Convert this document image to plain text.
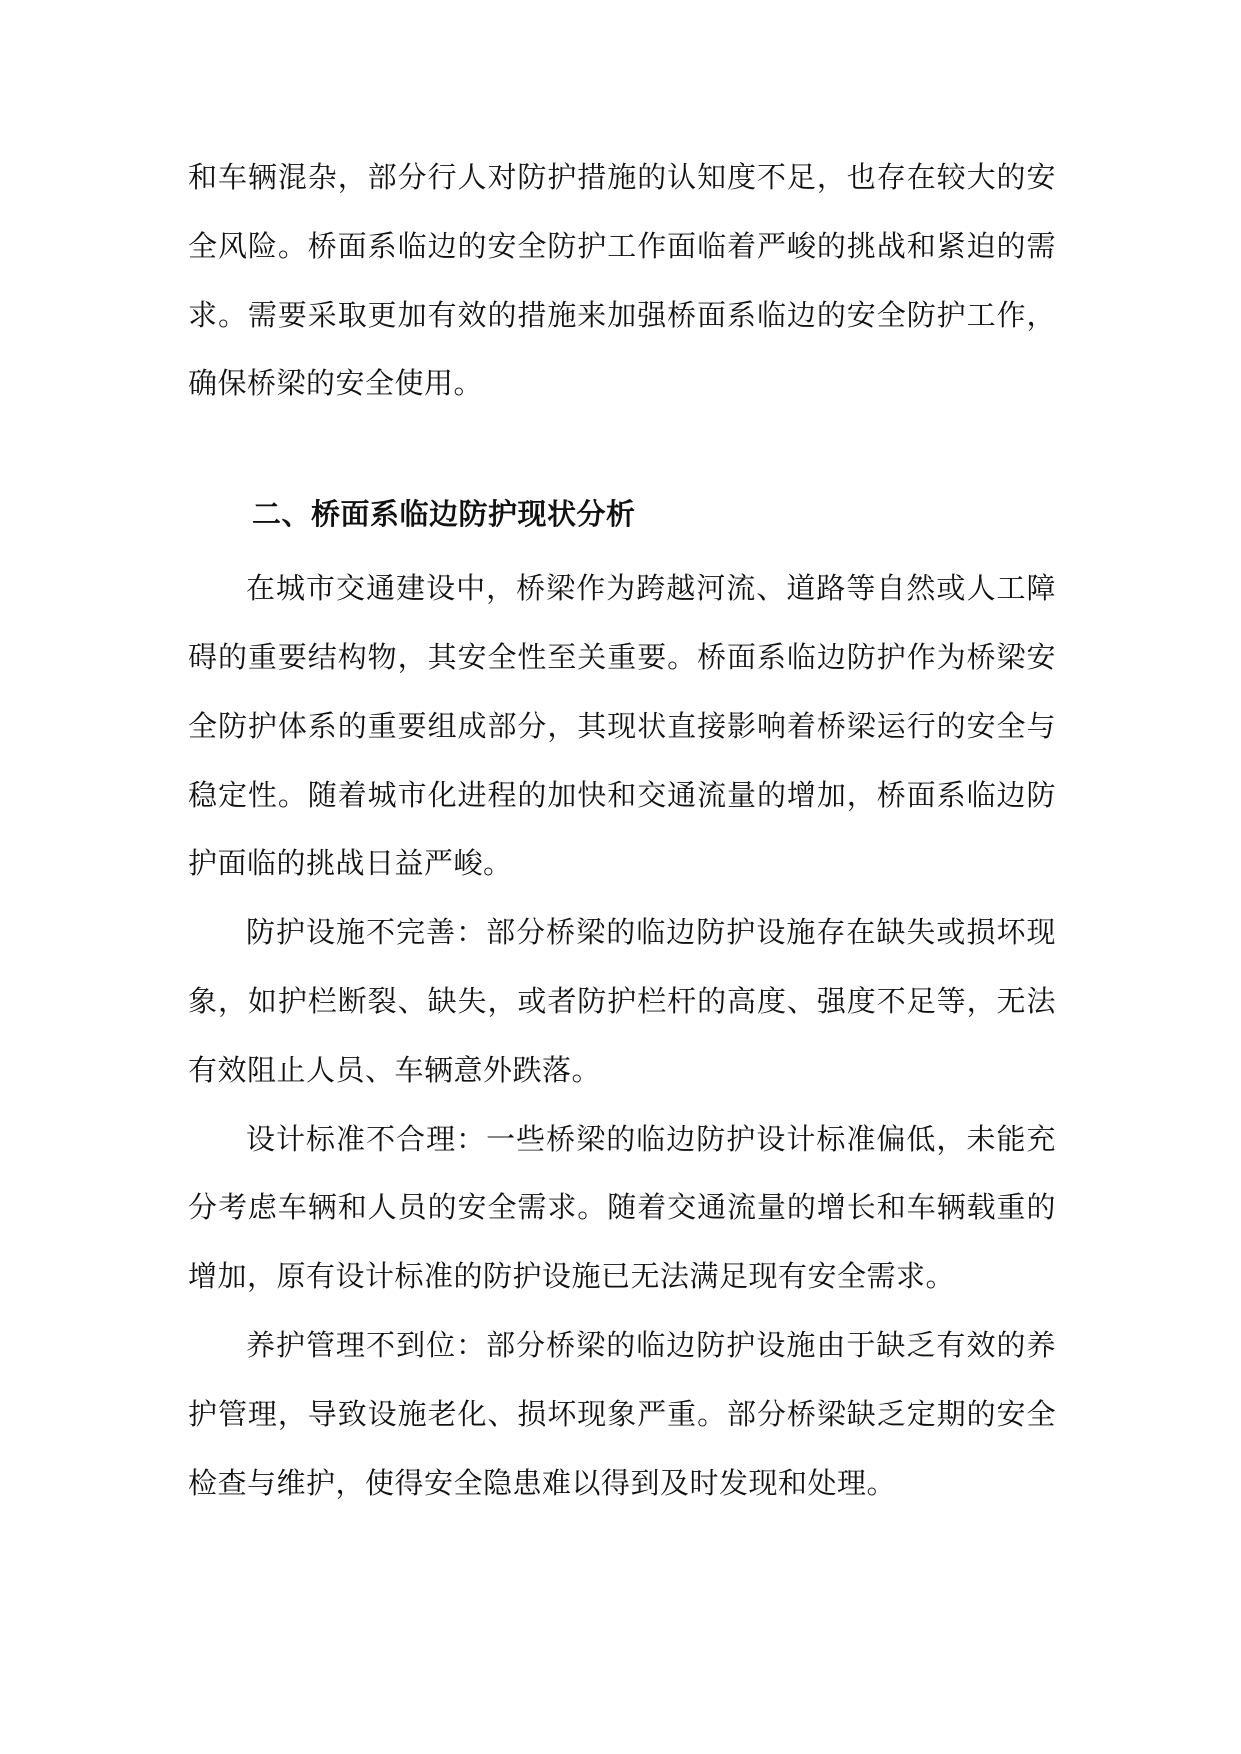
和车辆混杂，部分行人对防护措施的认知度不足，也存在较大的安全风险。桥面系临边的安全防护工作面临着严峻的挑战和紧迫的需求。需要采取更加有效的措施来加强桥面系临边的安全防护工作，确保桥梁的安全使用。

二、桥面系临边防护现状分析

在城市交通建设中，桥梁作为跨越河流、道路等自然或人工障碍的重要结构物，其安全性至关重要。桥面系临边防护作为桥梁安全防护体系的重要组成部分，其现状直接影响着桥梁运行的安全与稳定性。随着城市化进程的加快和交通流量的增加，桥面系临边防护面临的挑战日益严峻。

防护设施不完善：部分桥梁的临边防护设施存在缺失或损坏现象，如护栏断裂、缺失，或者防护栏杆的高度、强度不足等，无法有效阻止人员、车辆意外跌落。

设计标准不合理：一些桥梁的临边防护设计标准偏低，未能充分考虑车辆和人员的安全需求。随着交通流量的增长和车辆载重的增加，原有设计标准的防护设施已无法满足现有安全需求。

养护管理不到位：部分桥梁的临边防护设施由于缺乏有效的养护管理，导致设施老化、损坏现象严重。部分桥梁缺乏定期的安全检查与维护，使得安全隐患难以得到及时发现和处理。
